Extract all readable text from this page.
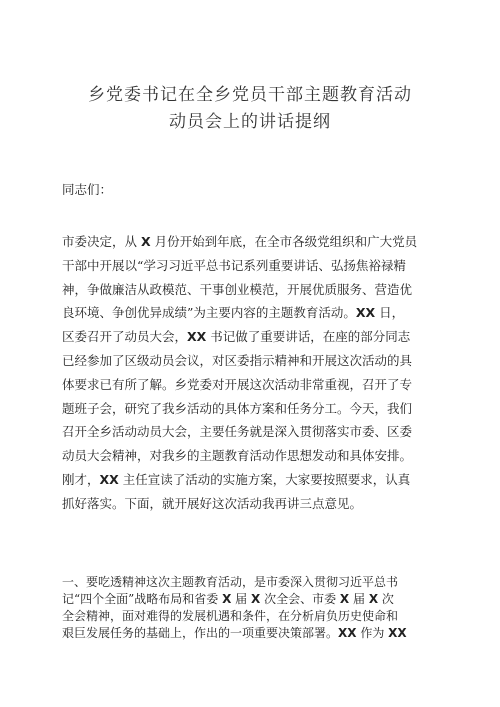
乡党委书记在全乡党员干部主题教育活动
动员会上的讲话提纲
同志们：
市委决定，从 X 月份开始到年底，在全市各级党组织和广大党员
干部中开展以“学习习近平总书记系列重要讲话、弘扬焦裕禄精
神，争做廉洁从政模范、干事创业模范，开展优质服务、营造优
良环境、争创优异成绩”为主要内容的主题教育活动。XX 日，
区委召开了动员大会，XX 书记做了重要讲话，在座的部分同志
已经参加了区级动员会议，对区委指示精神和开展这次活动的具
体要求已有所了解。乡党委对开展这次活动非常重视，召开了专
题班子会，研究了我乡活动的具体方案和任务分工。今天，我们
召开全乡活动动员大会，主要任务就是深入贯彻落实市委、区委
动员大会精神，对我乡的主题教育活动作思想发动和具体安排。
刚才，XX 主任宣读了活动的实施方案，大家要按照要求，认真
抓好落实。下面，就开展好这次活动我再讲三点意见。
一、要吃透精神这次主题教育活动，是市委深入贯彻习近平总书
记“四个全面”战略布局和省委 X 届 X 次全会、市委 X 届 X 次
全会精神，面对难得的发展机遇和条件，在分析肩负历史使命和
艰巨发展任务的基础上，作出的一项重要决策部署。XX 作为 XX
